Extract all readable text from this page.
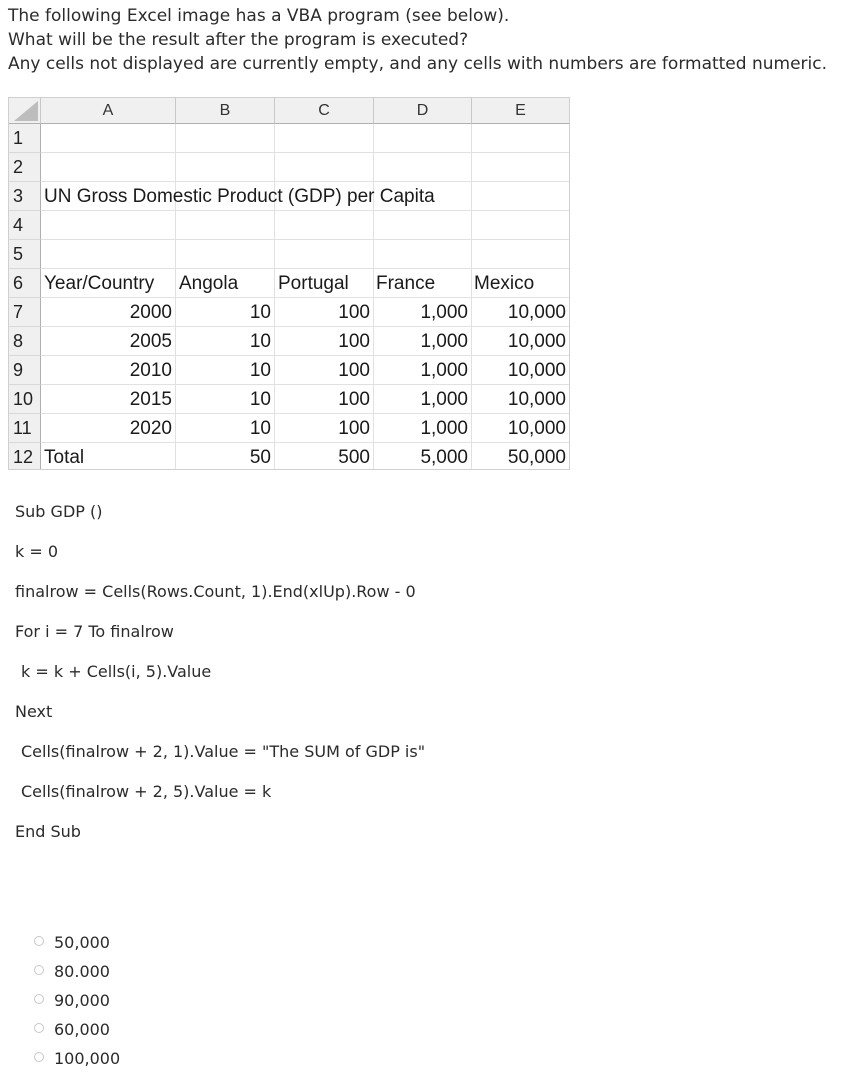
The following Excel image has a VBA program (see below).
What will be the result after the program is executed?
Any cells not displayed are currently empty, and any cells with numbers are formatted numeric.
A	B	C	D	E
1
2
3
4
5
6
7
8
9
10
11
12
UN Gross Domestic Product (GDP) per Capita
Year/Country Angola Portugal France Mexico
2000	10	100	1,000	10,000
2005	10	100	1,000	10,000
2010	10	100	1,000	10,000
2015	10	100	1,000	10,000
2020	10	100	1,000	10,000
Total	50	500	5,000	50,000
Sub GDP ()
k = 0
finalrow = Cells(Rows.Count, 1).End(xlUp).Row - 0
For i = 7 To finalrow
k = k + Cells(i, 5).Value
Next
Cells(finalrow + 2, 1).Value = "The SUM of GDP is"
Cells(finalrow + 2, 5).Value = k
End Sub
50,000
80.000
90,000
60,000
100,000
